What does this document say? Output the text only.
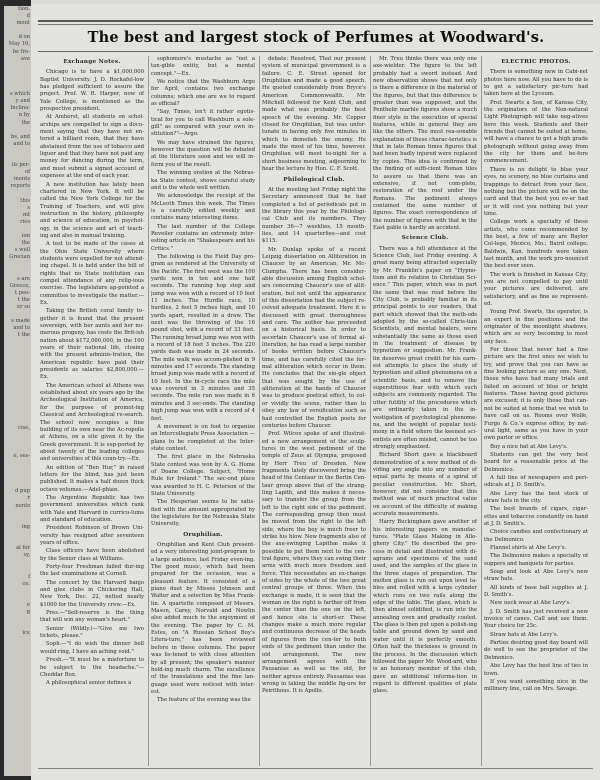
tion.
d
ment

d on
May 10,
be fre-
ave

s which
y and
Inclina-
n by
the

bs, and
and to

ils per-
of
ments
reports

this
s
mt
ries

ion
the
s well
Grecian

s are
Greece,
t peo-
t the
er so

s made
and to
t the

cise,

e, ses-

d pup
r
nents

ing

al for
sy,

f
ce.

e
g

ice

The best and largest stock of Perfumes at Woodward's.
Exchange Notes.

Chicago is to have a $1,000,000 Baptist University. J. D. Rockafel-low has pledged sufficient to assure the project. Prof. W. R. Harper, now of Yale College, is mentioned as the prospective president.

At Amherst, all students on schol-arships are compelled to sign a docu-ment saying that they have not en-tered a billiard room, that they have abstained from the use of tobacco and liquor and that they have not paid any money for dancing during the term, and must submit a signed account of expenses at the end of each year.

A new institution has lately been chartered in New York. It will be called the New York College for the Training of Teachers, and will give instruction in the history, philosophy and science of education, in psychol-ogy, in the science and art of teach-ing and also in manual training.

A test to be made of the cases at the Ohio State University where students were expelled for not attend-ing chapel. It is held under the bill of rights that no State institution can compel attendance of any relig-ious exercise. The legislature ap-pointed a committee to investigate the matter.—Ex.

Taking the British coral family to-gether it is found that the present sovereign, with her aunts and her nu-merous progeny, has costs the Brit-ish nation about $172,000,000, in the 100 years of their national life, closing with the present adminis-tration, the American republic have paid their presidents as salaries $2,800,000.—Ex.

The American school at Athens was established about six years ago by the Archeological Institution of America, for the purpose of promot-ing Classical and Archeological re-search. The school now occupies a fine building of its own near the Ac-ropolis at Athens, on a site given it by the Greek government. It is sup-ported by about twenty of the leading colleges and universities of this coun-try.—Ex.

An edition of "Ben Hur," in raised letters for the blind, has just been published. It makes a half dozen thick octavo volumes.—Adel-phian.

The Argentine Republic has two government universities which rank with Yale and Harvard in curricu-lums and standard of education.

President Robinson of Brown Uni-versity has resigned after seventeen years of office.

Class officers have been abolished by the Senior class at Williams.

Forty-four Freshman failed dur-ing the last examinations at Cornell.

The concert by the Harvard banjo and glee clubs in Chickering Hall, New York, Dec. 22, netted nearly $1000 for the University crew.—Ex.

Pres.—"Self-reserve is the thing that will win any woman's heart."

Senior (Wildly.)—"Give me two tickets, please."

Soph.—"I do wish the dinner bell would ring, I have an aching void."

Fresh.—"It must be a misfortune to be subject to the headache."—Cheddar Box.

A philosophical senior defines a

sophomore's mustache as "not a tan-gible entity, but a mental concept."—Ex.

We notice that the Washburn Argo for April, contains two exchange columns; which one are we to regard as official?

"Say, Times, isn't it rather egotis-tical for you to call Washburn a sole-gill" as compared with your own in-stitution?"—Argo.

We may have strained the figures, however the question will be debated at the literature soon and we will in-form you of the result.

The winning oration at the Nebras-ka State contest, shows careful study and is the whole well written.

We acknowledge the receipt of the McLeoth Times this week. The Times is a carefully edited weekly and contains many interesting items.

The last number of the College Reveiler contains an extremely inter-esting article on "Shakespeare and his Critics."

The following is the Field Day pro-gram as rendered at the University of the Pacific. The first west was the 100 yards won in ten and one half seconds. The running hop step and jump was won with a record of 10 feet 11 inches. The Hurdle race, 10 hurdles, 2 feet 5 inches high, and 10 yards apart, resulted in a draw. The next was the throwing of the 16 pound shot, with a record of 33 feet. The running broad jump was won with a record of 18 feet 3 inches. The 220 yards dash was made in 24 seconds. The mile walk was accom-plished in 9 minutes and 17 seconds. The standing broad jump was made with a record of 10 feet. In the bi-cycle race the mile was covered in 3 minutes and 35 seconds. The mile run was made in 6 minutes and 3 sec-onds. The standing high jump was won with a record of 4 feet.

A movement is on foot to organize an Intercollegiate Press Association —plans to be completed at the Inter-state contest.

The first place in the Nebraska State contest was won by A. G. Home of Doane College. Subject, "Home Rule for Ireland." The sec-ond place was awarded to H. C. Peterson of the State University.

The Hesperian seems to be satis-fied with the amount appropriated by the legislature for the Nebraska State University.

Oruphilian.

Oruphilian and Kent Club present-ed a very interesting joint-program to a large audience, last Friday even-ing. The good music, which had been prepared for the occasion, was a pleasant feature. It consisted of a piano duet by Misses Johnson and Walter and a selection by Miss Frank-lin. A quartette composed of Messrs. Mason, Carey, Norvald and Nowlin also added much to the enjoyment of the evening. The paper by C. M. Estes, on "A Russian School Boy's Litera-ture," has been reviewed before in these columns. The paper was lis-tened to with close attention by all present; the speaker's manner hold-ing much charm. The excellence of the translations and the fine lan-guage used were noticed with inter-est.

The feature of the evening was the

debate: Resolved, That our present system of municipal government is a failure. C. E. Street opened for Oruphilian and made a good speech. He quoted considerably from Bryce's American Commonwealth. Mr. Mitchell followed for Kent Club, and made what was probably the best speech of the evening. Mr. Copper closed for Oruphilian, but was unfor-tunate in having only five minutes in which to demolish the enemy. He made the most of his time, however. Oruphilian will meet to-night for a short business meeting, adjourning to hear the lecture by Hon. C. F. Scott.

Philological Club.

At the meeting last Friday night the Secretary announced that he had completed a list of periodicals put in the library this year by the Philologi-cal Club and its members. They number 36—7 weeklies, 15 month-lies, and 14 quarterlies—and cost $115.

Mr. Dunlap spoke of a recent Leipzig dissertation on Alliteration in Chaucer by an American, Mr. Mc-Clumpha. There has been consider-able discussion among English schol-ars concerning Chaucer's use of allit-eration, but not until the appearance of this dissertation had the subject re-ceived adequate treatment. Here it is discussed with great thoroughness and care. The author has proceeded on a historical basis. In order to ascertain Chaucer's use of formal al-literation, he has read a large number of books written before Chaucer's time, and has carefully cited the for-mal alliteration which occur in them. He concludes that the sin-gle object that was sought by the use of alliteration at the hands of Chaucer was to produce poetical effect, to col-or vividly the scene, rather than to obey any law of versification such as had controlled the English poets for centuries before Chaucer.

Prof. Wilcox spoke of and illustrat-ed a new arrangement of the sculp-tures in the west pediment of the temple of Zeus at Olympia, proposed by Herr Treu of Dresden. New fragments lately discovered bring the head of the Centaur in the Berlin Cen-taur group above that of the strang-ling Lapith, and this makes it neces-sary to transfer the group from the left to the right side of the pediment. The corresponding group then must be moved from the right to the left side, where the boy is much freer to strike his blow. New fragments also of the axe-swinging Lapithæ make it possible to put them next to the cen-tral figure, where they can swing their arms with much more freedom and force. This necessitates an ex-change of sides by the whole of the two great central groups of three. When this exchange is made, it is seen that the woman on the right is farther off from the center than the one on the left, and hence she is short-er. These changes make a much more regular and continuous decrease of the heads of figures from the cen-ter to both ends of the pediment than under the old arrangement. The new arrangement agrees with the Pausanias as well as the old, for neither agrees entirely. Pausanias was wrong in taking the middle fig-ure for Peirithous. It is Apollo.

Mr. Treu thinks there was only one axe-wielder. The figure to the left probably had a sword instead. And new observation shows that not only is there a difference in the material of the figures, but that this difference is greater than was supposed, and the Penthelic marble figures show a much finer style in the execution of special features, while in general they are like the others. The most rea-sonable explanation of these charac-teristics is that in late Roman times figures that had been badly injured were replaced by copies. This idea is confirmed by the finding of suffi-cient Roman tiles to assure us that there was an extensive, if not com-plete, restoration of the roof under the Romans. The pediment always contained the same number of figures. The exact correspondence of the number of figures with that in the East gable is hardly an accident.

Science Club.

There was a full attendance at the Science Club, last Friday evening. A great many being attracted especially by Mr. Franklin's paper on "Hypno-tism and its relation to Christian Sci-ence." This paper, which was in part the same that was read before the City Club, is probably familiar in its principal points to our readers, that part which showed that the meth-ods adopted by the so-called Chris-tian Scientists, and mental healers, were substantially the same as those used in the treatment of disease by hypnotism or suggestion. Mr. Frank-lin deserves great credit for his earn-est attempts to place the study of hypnotism and allied phenomena on a scientific basis, and to remove the superstitious fear with which such subjects are commonly regarded. The utter futility of the procedures which are ordinarily taken in the in-vestigation of psychological phenome-na, and the weight of popular testi-mony in a field where the keenest sci-entists are often misled, cannot be too strongly emphasized.

Richard Short gave a blackboard demonstration of a new method of di-viding any angle into any number of equal parts by means of a spiral of peculiar construction. Mr. Short, however, did not consider that this method was of much practical value on account of the difficulty of making accurate measurements.

Harry Buckingham gave another of his interesting papers on manufac-tures. "Plate Glass Making in Alle-gheny City." He described the pro-cess in detail and illustrated with di-agrams and specimens of the sand used, and the samples of the glass in the three stages of preparation. The molten glass is run out upon level ta-bles and rolled with a large cylinder which runs on two rails along the edge of the table. The glass, which is then almost solidified, is run into the annealing oven and gradually cooled. The glass is then put upon a polish-ing table and ground down by sand and water until it is perfectly smooth. Often half the thickness is ground in the process. In the discussion which followed the paper Mr. Wood-ard, who is an honorary member of the club, gave an additional informa-tion in regard to different qualities of plate glass.

ELECTRIC PHOTOS.

There is something new in Cabi-net photos here now. All you have to do is to get a satisfactory pic-ture had taken here at the Lyceum.

Prof. Swarts a Son, of Kansas City, the originators of the Non-natural Light Photograph will take neg-atives here this week. Students and their friends that cannot be suited at home, will have a chance to get a high grade photograph without going away from the city for them and be-fore commencement.

There is no delight to blue your eyes, no scenery, no blue curtains and trappings to detract from your face, nothing but the picture will be on the card and that the best you ev-er had or it will cost you nothing but your time.

College work a specialty of these artists, who come recommended by the best, a few of many are Baylor Col-lege, Mexico, Mo.; Baird college; Baldwin, Kan. hundreds were taken last month, and the work pro-nounced the best ever seen.

The work is finished in Kansas City; you are not compelled to pay until your pictures are delivered, are satisfactory, and as fine as represent-ed.

Young Prof. Swarts, the operator, is an expert in fine positions and the originator of the moonlight shadows, which are so very becoming to most any face.

For those that never had a fine picture are the first ones we wish to try, and prove that you can have as fine looking picture as any one. Next, those who have had many trials and failed on account of blue or bright features. Those having good pictures are excused; it is only those that can-not be suited at home that we wish to have call on us. Rooms over Wolfe, Furgo & Co.'s express office, by nat-ural light, same as you have in your own parlor or office.

Buy a nice hat at Abe Levy's.

Students can get the very best board for a reasonable price at the Delmonico.

A full line of newspapers and peri-odicals at J. D. Smith's.

Abe Levy has the best stock of straw hats in the city.

The best brands of cigars, cigar-ettes and tobaccos constantly on hand at J. D. Smith's.

Choice candies and confectionary at the Delmonico.

Flannel shirts at Abe Levy's.

The Delmonico makes a specialty of suppers and banquets for parties.

Soap and look at Abe Levy's new straw hats.

All kinds of base ball supplies at J. D. Smith's.

New neck wear at Abe Levy's.

J. D. Smith has just received a new invoice of canes. Call and see them. Your choice for 25c.

Straw hats at Abe Levy's.

Parties desiring good day board will do well to see the proprietor of the Delmonico.

Abe Levy has the best line of ties in town.

If you want something nice in the millinery line, call on Mrs. Savage.
